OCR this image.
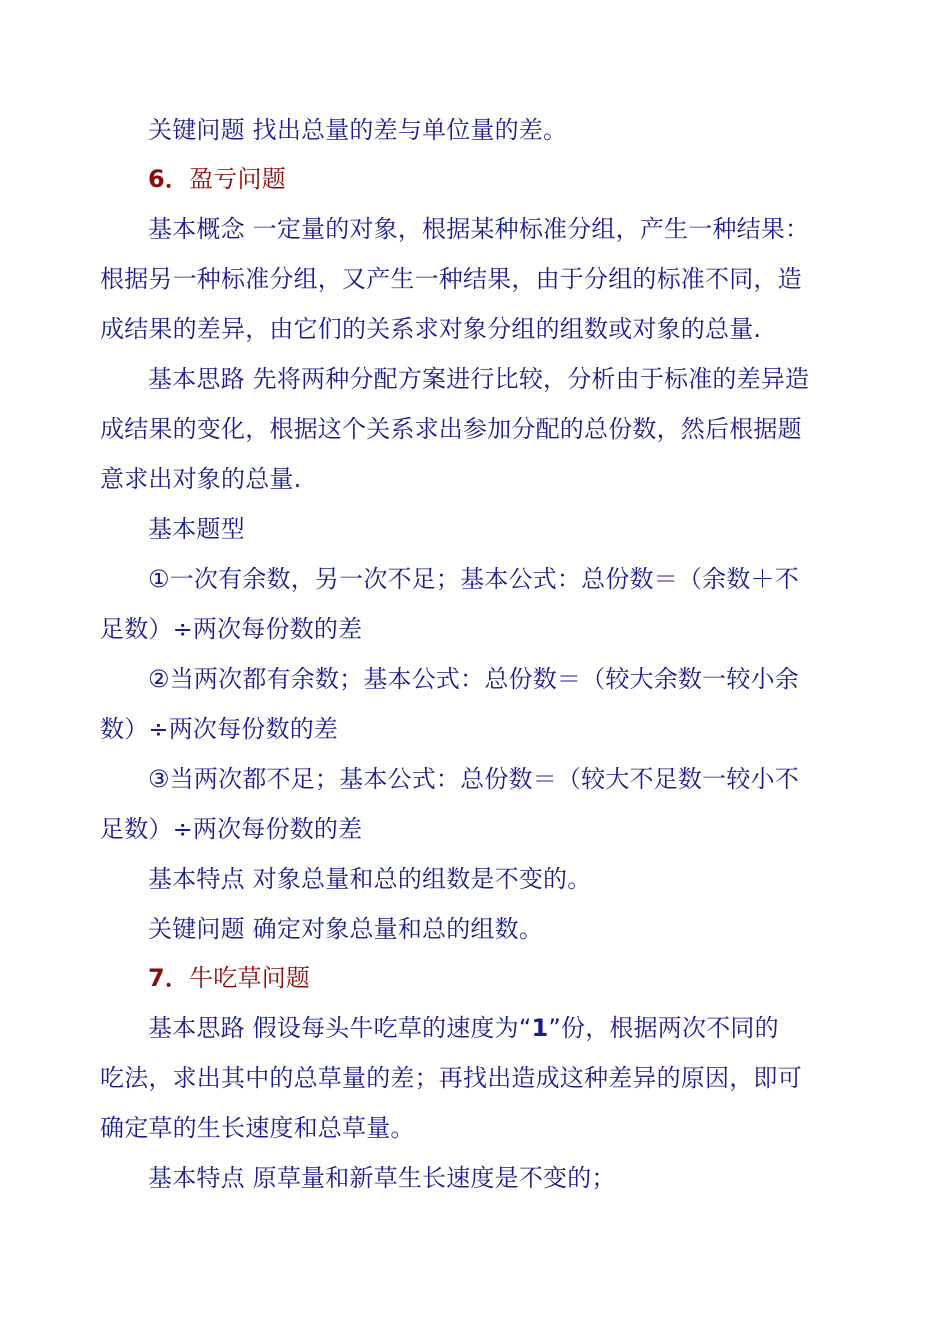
关键问题 找出总量的差与单位量的差。
6．盈亏问题
基本概念 一定量的对象，根据某种标准分组，产生一种结果：
根据另一种标准分组，又产生一种结果，由于分组的标准不同，造
成结果的差异，由它们的关系求对象分组的组数或对象的总量.
基本思路 先将两种分配方案进行比较，分析由于标准的差异造
成结果的变化，根据这个关系求出参加分配的总份数，然后根据题
意求出对象的总量.
基本题型
①一次有余数，另一次不足；基本公式：总份数＝（余数＋不
足数）÷两次每份数的差
②当两次都有余数；基本公式：总份数＝（较大余数一较小余
数）÷两次每份数的差
③当两次都不足；基本公式：总份数＝（较大不足数一较小不
足数）÷两次每份数的差
基本特点 对象总量和总的组数是不变的。
关键问题 确定对象总量和总的组数。
7．牛吃草问题
基本思路 假设每头牛吃草的速度为“1”份，根据两次不同的
吃法，求出其中的总草量的差；再找出造成这种差异的原因，即可
确定草的生长速度和总草量。
基本特点 原草量和新草生长速度是不变的；
